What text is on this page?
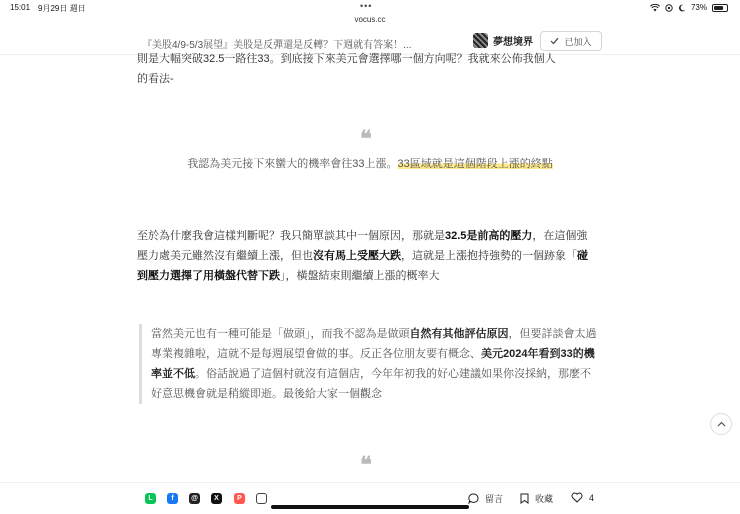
15:01 9月29日 週日	•••	73%
vocus.cc
『美股4/9-5/3展望』美股是反彈還是反轉？下週就有答案！...	夢想境界	已加入
則是大幅突破32.5一路往33。到底接下來美元會選擇哪一個方向呢？我就來公佈我個人
的看法-
❝
我認為美元接下來蠻大的機率會往33上漲。33區域就是這個階段上漲的終點
至於為什麼我會這樣判斷呢？我只簡單談其中一個原因，那就是32.5是前高的壓力，在這個強壓力處美元雖然沒有繼續上漲，但也沒有馬上受壓大跌，這就是上漲抱持強勢的一個跡象「碰到壓力選擇了用橫盤代替下跌」，橫盤結束則繼續上漲的概率大
當然美元也有一種可能是「做頭」，而我不認為是做頭自然有其他評估原因，但要詳談會太過專業複雜啦，這就不是每週展望會做的事。反正各位朋友要有概念、美元2024年看到33的機率並不低。俗話說過了這個村就沒有這個店，今年年初我的好心建議如果你沒採納，那麼不好意思機會就是稍縱即逝。最後給大家一個觀念
❝
L	f	@	X	P	留言	收藏	4
